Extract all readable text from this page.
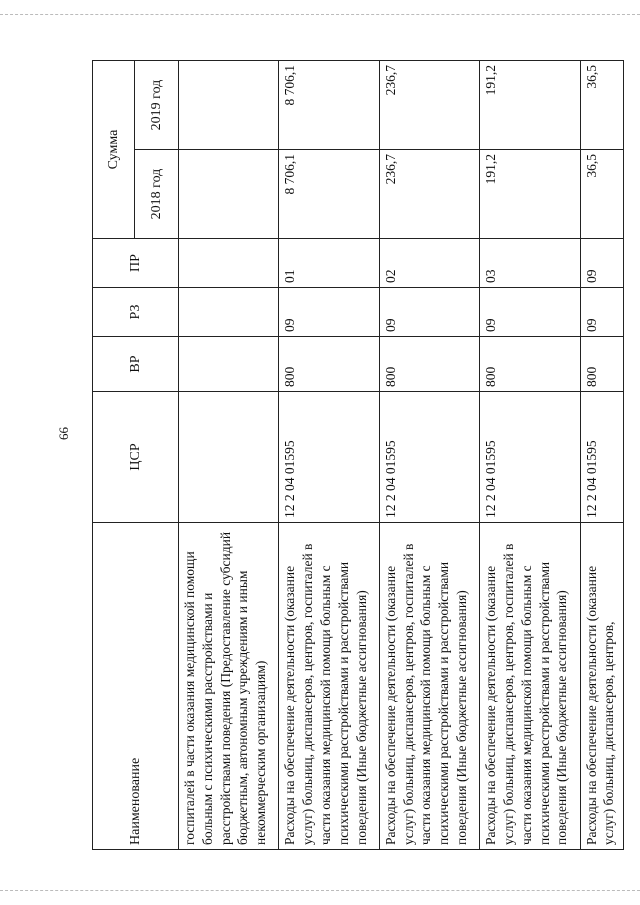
66
Наименование	ЦСР	ВР	РЗ	ПР	Сумма	
					2018 год	2019 год
госпиталей в части оказания медицинской помощи больным с психическими расстройствами и расстройствами поведения (Предоставление субсидий бюджетным, автономным учреждениям и иным некоммерческим организациям)						
Расходы на обеспечение деятельности (оказание услуг) больниц, диспансеров, центров, госпиталей в части оказания медицинской помощи больным с психическими расстройствами и расстройствами поведения (Иные бюджетные ассигнования)	12 2 04 01595	800	09	01	8 706,1	8 706,1
Расходы на обеспечение деятельности (оказание услуг) больниц, диспансеров, центров, госпиталей в части оказания медицинской помощи больным с психическими расстройствами и расстройствами поведения (Иные бюджетные ассигнования)	12 2 04 01595	800	09	02	236,7	236,7
Расходы на обеспечение деятельности (оказание услуг) больниц, диспансеров, центров, госпиталей в части оказания медицинской помощи больным с психическими расстройствами и расстройствами поведения (Иные бюджетные ассигнования)	12 2 04 01595	800	09	03	191,2	191,2
Расходы на обеспечение деятельности (оказание услуг) больниц, диспансеров, центров,	12 2 04 01595	800	09	09	36,5	36,5
